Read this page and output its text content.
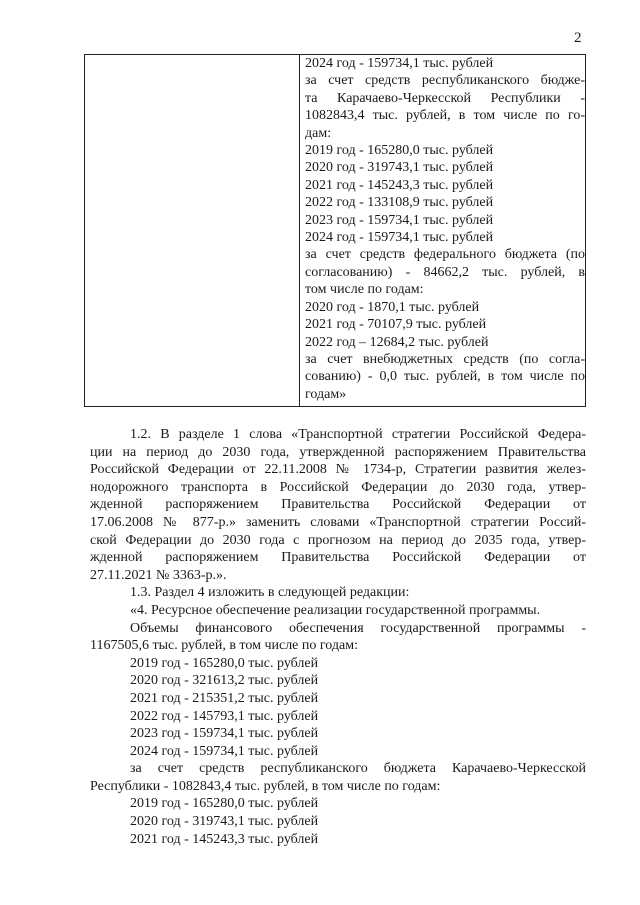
2
2024 год - 159734,1 тыс. рублей
за счет средств республиканского бюдже-
та Карачаево-Черкесской Республики -
1082843,4 тыс. рублей, в том числе по го-
дам:
2019 год - 165280,0 тыс. рублей
2020 год - 319743,1 тыс. рублей
2021 год - 145243,3 тыс. рублей
2022 год - 133108,9 тыс. рублей
2023 год - 159734,1 тыс. рублей
2024 год - 159734,1 тыс. рублей
за счет средств федерального бюджета (по
согласованию) - 84662,2 тыс. рублей, в
том числе по годам:
2020 год - 1870,1 тыс. рублей
2021 год - 70107,9 тыс. рублей
2022 год – 12684,2 тыс. рублей
за счет внебюджетных средств (по согла-
сованию) - 0,0 тыс. рублей, в том числе по
годам»
1.2. В разделе 1 слова «Транспортной стратегии Российской Федера-
ции на период до 2030 года, утвержденной распоряжением Правительства
Российской Федерации от 22.11.2008 № 1734-р, Стратегии развития желез-
нодорожного транспорта в Российской Федерации до 2030 года, утвер-
жденной распоряжением Правительства Российской Федерации от
17.06.2008 № 877-р.» заменить словами «Транспортной стратегии Россий-
ской Федерации до 2030 года с прогнозом на период до 2035 года, утвер-
жденной распоряжением Правительства Российской Федерации от
27.11.2021 № 3363-р.».
1.3. Раздел 4 изложить в следующей редакции:
«4. Ресурсное обеспечение реализации государственной программы.
Объемы финансового обеспечения государственной программы -
1167505,6 тыс. рублей, в том числе по годам:
2019 год - 165280,0 тыс. рублей
2020 год - 321613,2 тыс. рублей
2021 год - 215351,2 тыс. рублей
2022 год - 145793,1 тыс. рублей
2023 год - 159734,1 тыс. рублей
2024 год - 159734,1 тыс. рублей
за счет средств республиканского бюджета Карачаево-Черкесской
Республики - 1082843,4 тыс. рублей, в том числе по годам:
2019 год - 165280,0 тыс. рублей
2020 год - 319743,1 тыс. рублей
2021 год - 145243,3 тыс. рублей
